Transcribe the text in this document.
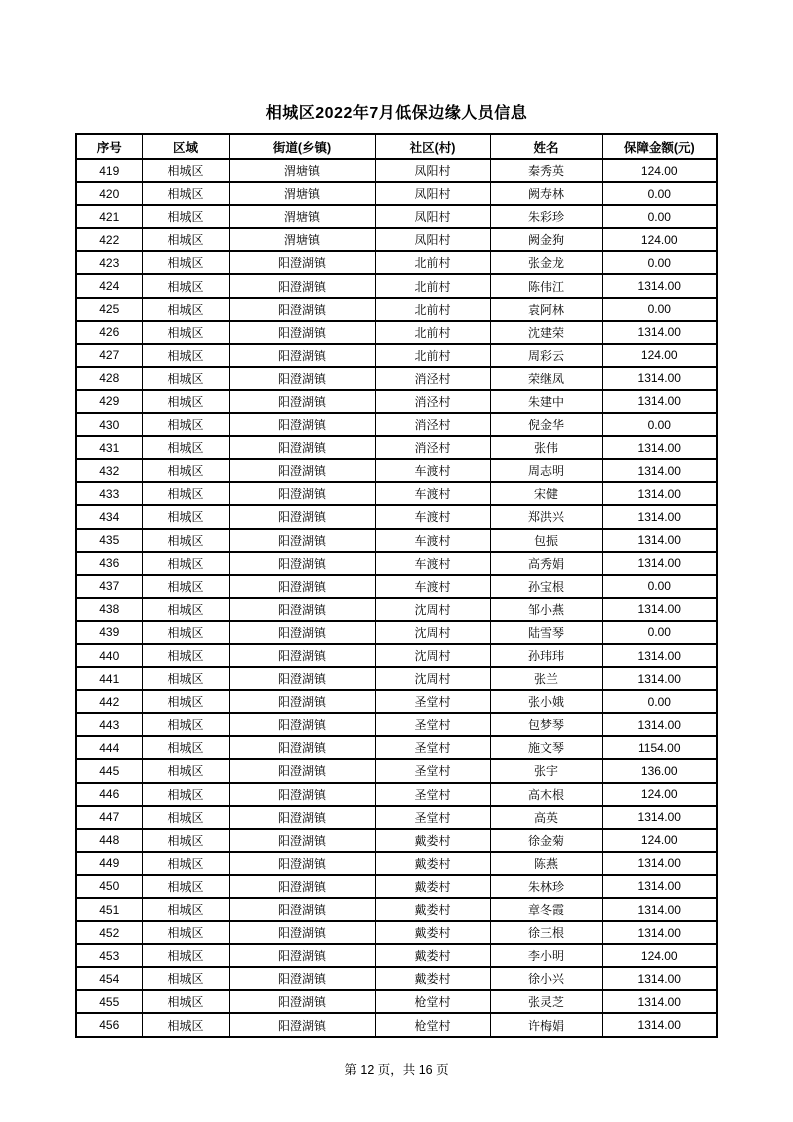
相城区2022年7月低保边缘人员信息
序号	区域	街道(乡镇)	社区(村)	姓名	保障金额(元)
419	相城区	渭塘镇	凤阳村	秦秀英	124.00
420	相城区	渭塘镇	凤阳村	阙寿林	0.00
421	相城区	渭塘镇	凤阳村	朱彩珍	0.00
422	相城区	渭塘镇	凤阳村	阙金狗	124.00
423	相城区	阳澄湖镇	北前村	张金龙	0.00
424	相城区	阳澄湖镇	北前村	陈伟江	1314.00
425	相城区	阳澄湖镇	北前村	袁阿林	0.00
426	相城区	阳澄湖镇	北前村	沈建荣	1314.00
427	相城区	阳澄湖镇	北前村	周彩云	124.00
428	相城区	阳澄湖镇	消泾村	荣继凤	1314.00
429	相城区	阳澄湖镇	消泾村	朱建中	1314.00
430	相城区	阳澄湖镇	消泾村	倪金华	0.00
431	相城区	阳澄湖镇	消泾村	张伟	1314.00
432	相城区	阳澄湖镇	车渡村	周志明	1314.00
433	相城区	阳澄湖镇	车渡村	宋健	1314.00
434	相城区	阳澄湖镇	车渡村	郑洪兴	1314.00
435	相城区	阳澄湖镇	车渡村	包振	1314.00
436	相城区	阳澄湖镇	车渡村	高秀娟	1314.00
437	相城区	阳澄湖镇	车渡村	孙宝根	0.00
438	相城区	阳澄湖镇	沈周村	邹小燕	1314.00
439	相城区	阳澄湖镇	沈周村	陆雪琴	0.00
440	相城区	阳澄湖镇	沈周村	孙玮玮	1314.00
441	相城区	阳澄湖镇	沈周村	张兰	1314.00
442	相城区	阳澄湖镇	圣堂村	张小娥	0.00
443	相城区	阳澄湖镇	圣堂村	包梦琴	1314.00
444	相城区	阳澄湖镇	圣堂村	施文琴	1154.00
445	相城区	阳澄湖镇	圣堂村	张宇	136.00
446	相城区	阳澄湖镇	圣堂村	高木根	124.00
447	相城区	阳澄湖镇	圣堂村	高英	1314.00
448	相城区	阳澄湖镇	戴娄村	徐金菊	124.00
449	相城区	阳澄湖镇	戴娄村	陈燕	1314.00
450	相城区	阳澄湖镇	戴娄村	朱林珍	1314.00
451	相城区	阳澄湖镇	戴娄村	章冬霞	1314.00
452	相城区	阳澄湖镇	戴娄村	徐三根	1314.00
453	相城区	阳澄湖镇	戴娄村	李小明	124.00
454	相城区	阳澄湖镇	戴娄村	徐小兴	1314.00
455	相城区	阳澄湖镇	枪堂村	张灵芝	1314.00
456	相城区	阳澄湖镇	枪堂村	许梅娟	1314.00
第 12 页，共 16 页
